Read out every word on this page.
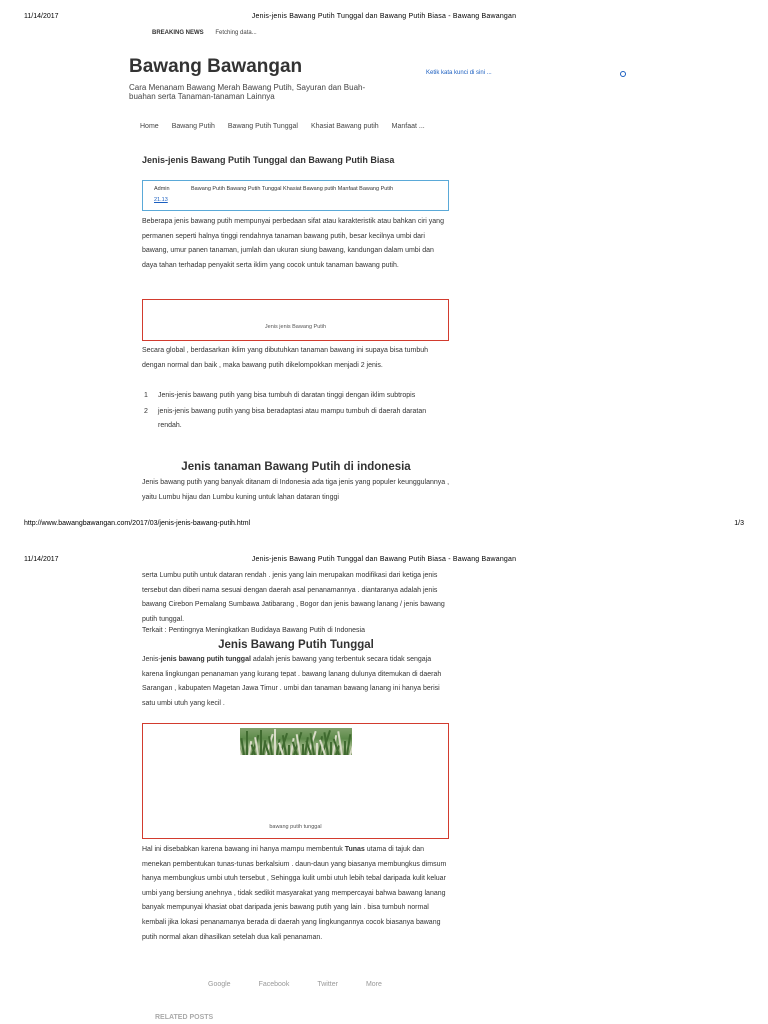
11/14/2017	Jenis-jenis Bawang Putih Tunggal dan Bawang Putih Biasa - Bawang Bawangan
BREAKING NEWS Fetching data...
Bawang Bawangan
Cara Menanam Bawang Merah Bawang Putih, Sayuran dan Buah-buahan serta Tanaman-tanaman Lainnya
Ketik kata kunci di sini ...
Home Bawang Putih Bawang Putih Tunggal Khasiat Bawang putih Manfaat ...
Jenis-jenis Bawang Putih Tunggal dan Bawang Putih Biasa
Admin	Bawang Putih Bawang Putih Tunggal Khasiat Bawang putih Manfaat Bawang Putih
21.13
Beberapa jenis bawang putih mempunyai perbedaan sifat atau karakteristik atau bahkan ciri yang permanen seperti halnya tinggi rendahnya tanaman bawang putih, besar kecilnya umbi dari bawang, umur panen tanaman, jumlah dan ukuran siung bawang, kandungan dalam umbi dan daya tahan terhadap penyakit serta iklim yang cocok untuk tanaman bawang putih.
Jenis jenis Bawang Putih
Secara global , berdasarkan iklim yang dibutuhkan tanaman bawang ini supaya bisa tumbuh dengan normal dan baik , maka bawang putih dikelompokkan menjadi 2 jenis.
1 Jenis-jenis bawang putih yang bisa tumbuh di daratan tinggi dengan iklim subtropis
2 jenis-jenis bawang putih yang bisa beradaptasi atau mampu tumbuh di daerah daratan rendah.
Jenis tanaman Bawang Putih di indonesia
Jenis bawang putih yang banyak ditanam di Indonesia ada tiga jenis yang populer keunggulannya , yaitu Lumbu hijau dan Lumbu kuning untuk lahan dataran tinggi
http://www.bawangbawangan.com/2017/03/jenis-jenis-bawang-putih.html	1/3
11/14/2017	Jenis-jenis Bawang Putih Tunggal dan Bawang Putih Biasa - Bawang Bawangan
serta Lumbu putih untuk dataran rendah . jenis yang lain merupakan modifikasi dari ketiga jenis tersebut dan diberi nama sesuai dengan daerah asal penanamannya . diantaranya adalah jenis bawang Cirebon Pemalang Sumbawa Jatibarang , Bogor dan jenis bawang lanang / jenis bawang putih tunggal.
Terkait : Pentingnya Meningkatkan Budidaya Bawang Putih di Indonesia
Jenis Bawang Putih Tunggal
Jenis-jenis bawang putih tunggal adalah jenis bawang yang terbentuk secara tidak sengaja karena lingkungan penanaman yang kurang tepat . bawang lanang dulunya ditemukan di daerah Sarangan , kabupaten Magetan Jawa Timur . umbi dan tanaman bawang lanang ini hanya berisi satu umbi utuh yang kecil .
bawang putih tunggal
Hal ini disebabkan karena bawang ini hanya mampu membentuk Tunas utama di tajuk dan menekan pembentukan tunas-tunas berkalsium . daun-daun yang biasanya membungkus dimsum hanya membungkus umbi utuh tersebut , Sehingga kulit umbi utuh lebih tebal daripada kulit keluar umbi yang bersiung anehnya , tidak sedikit masyarakat yang mempercayai bahwa bawang lanang banyak mempunyai khasiat obat daripada jenis bawang putih yang lain . bisa tumbuh normal kembali jika lokasi penanamanya berada di daerah yang lingkungannya cocok biasanya bawang putih normal akan dihasilkan setelah dua kali penanaman.
Google	Facebook	Twitter	More
RELATED POSTS
